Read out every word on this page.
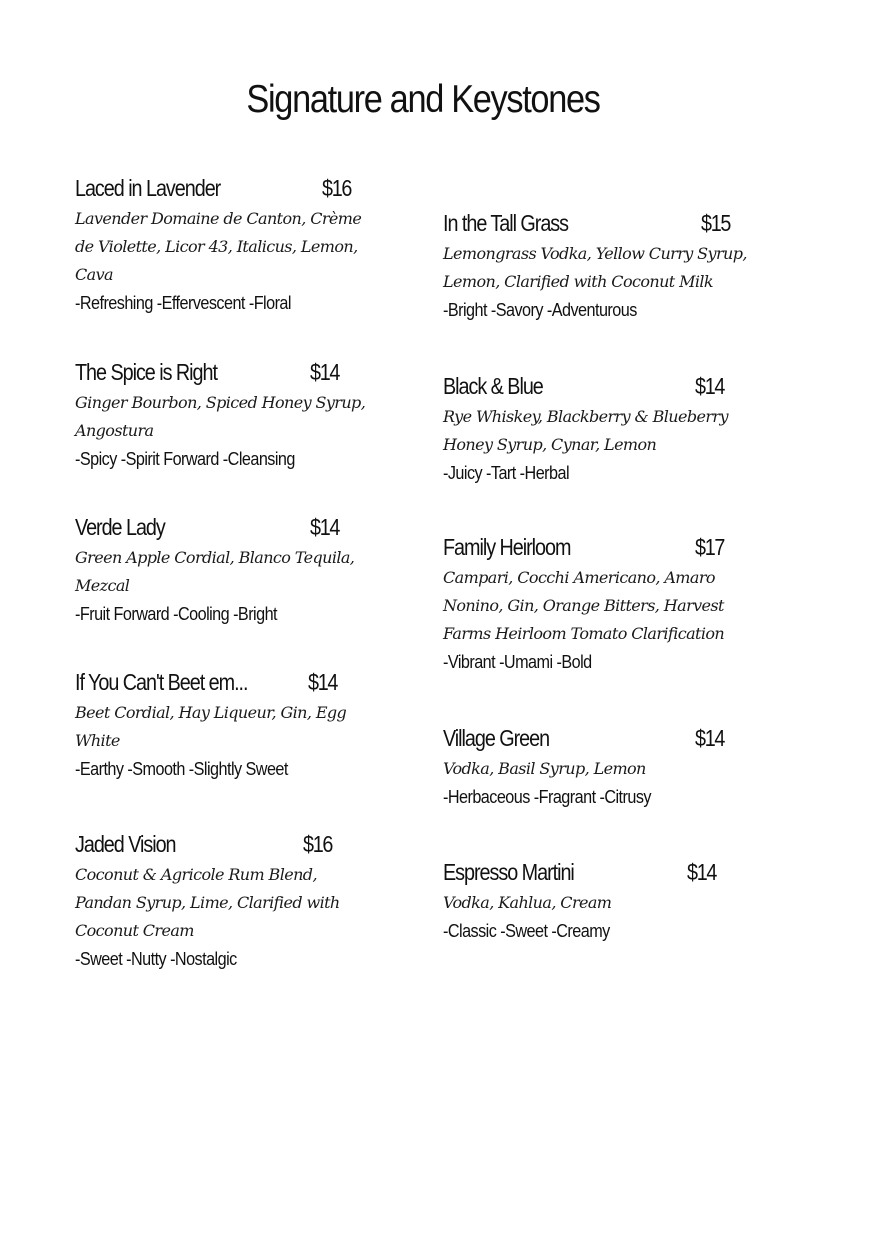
Signature and Keystones
Laced in Lavender	$16
Lavender Domaine de Canton, Crème de Violette, Licor 43, Italicus, Lemon, Cava
-Refreshing -Effervescent -Floral
The Spice is Right	$14
Ginger Bourbon, Spiced Honey Syrup, Angostura
-Spicy -Spirit Forward -Cleansing
Verde Lady	$14
Green Apple Cordial, Blanco Tequila, Mezcal
-Fruit Forward -Cooling -Bright
If You Can't Beet em...	$14
Beet Cordial, Hay Liqueur, Gin, Egg White
-Earthy -Smooth -Slightly Sweet
Jaded Vision	$16
Coconut & Agricole Rum Blend, Pandan Syrup, Lime, Clarified with Coconut Cream
-Sweet -Nutty -Nostalgic
In the Tall Grass	$15
Lemongrass Vodka, Yellow Curry Syrup, Lemon, Clarified with Coconut Milk
-Bright -Savory -Adventurous
Black & Blue	$14
Rye Whiskey, Blackberry & Blueberry Honey Syrup, Cynar, Lemon
-Juicy -Tart -Herbal
Family Heirloom	$17
Campari, Cocchi Americano, Amaro Nonino, Gin, Orange Bitters, Harvest Farms Heirloom Tomato Clarification
-Vibrant -Umami -Bold
Village Green	$14
Vodka, Basil Syrup, Lemon
-Herbaceous -Fragrant -Citrusy
Espresso Martini	$14
Vodka, Kahlua, Cream
-Classic -Sweet -Creamy
